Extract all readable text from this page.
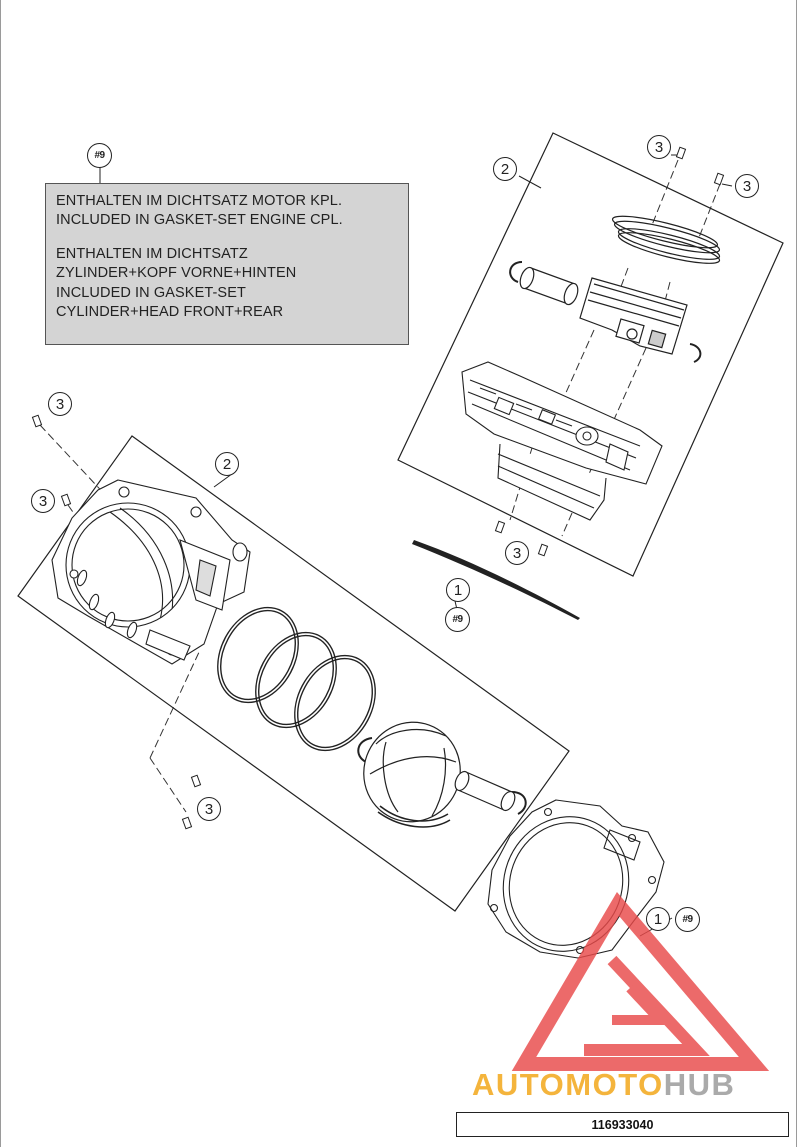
#9
ENTHALTEN IM DICHTSATZ MOTOR KPL.
INCLUDED IN GASKET-SET ENGINE CPL.
ENTHALTEN IM DICHTSATZ
ZYLINDER+KOPF VORNE+HINTEN
INCLUDED IN GASKET-SET
CYLINDER+HEAD FRONT+REAR
2
2
3
3
3
3
3
3
1
#9
1	#9
AUTOMOTOHUB
116933040
